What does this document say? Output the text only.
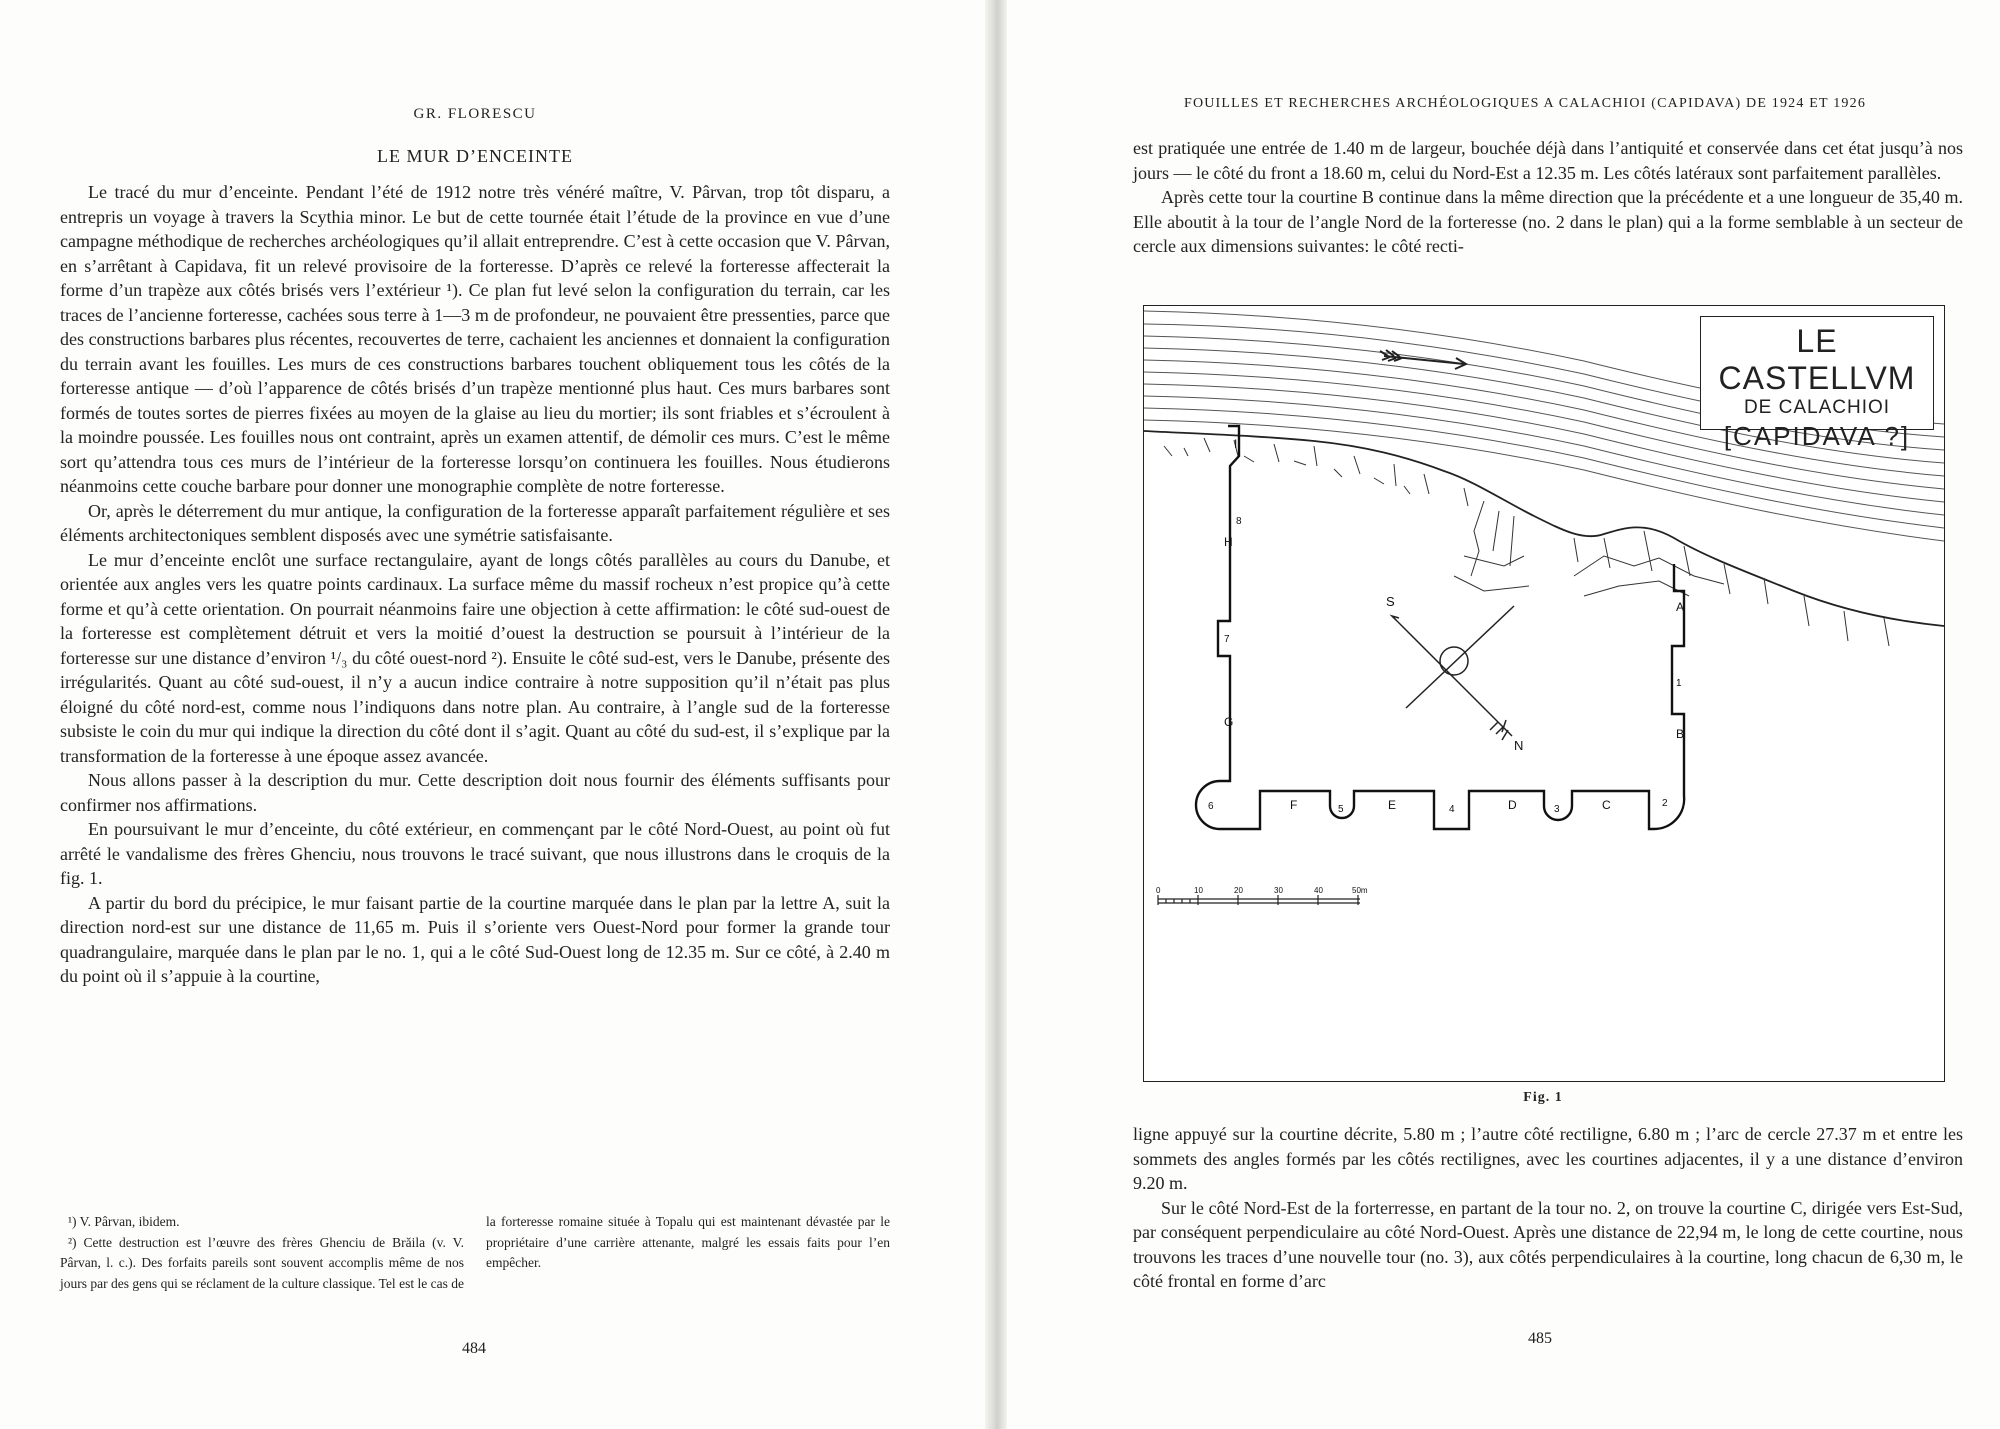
GR. FLORESCU
LE MUR D’ENCEINTE

Le tracé du mur d’enceinte. Pendant l’été de 1912 notre très vénéré maître, V. Pârvan, trop tôt disparu, a entrepris un voyage à travers la Scythia minor. Le but de cette tournée était l’étude de la province en vue d’une campagne méthodique de recherches archéologiques qu’il allait entreprendre. C’est à cette occasion que V. Pârvan, en s’arrêtant à Capidava, fit un relevé provisoire de la forteresse. D’après ce relevé la forteresse affecterait la forme d’un trapèze aux côtés brisés vers l’extérieur ¹). Ce plan fut levé selon la configuration du terrain, car les traces de l’ancienne forteresse, cachées sous terre à 1—3 m de profondeur, ne pouvaient être pressenties, parce que des constructions barbares plus récentes, recouvertes de terre, cachaient les anciennes et donnaient la configuration du terrain avant les fouilles. Les murs de ces constructions barbares touchent obliquement tous les côtés de la forteresse antique — d’où l’apparence de côtés brisés d’un trapèze mentionné plus haut. Ces murs barbares sont formés de toutes sortes de pierres fixées au moyen de la glaise au lieu du mortier; ils sont friables et s’écroulent à la moindre poussée. Les fouilles nous ont contraint, après un examen attentif, de démolir ces murs. C’est le même sort qu’attendra tous ces murs de l’intérieur de la forteresse lorsqu’on continuera les fouilles. Nous étudierons néanmoins cette couche barbare pour donner une monographie complète de notre forteresse.

Or, après le déterrement du mur antique, la configuration de la forteresse apparaît parfaitement régulière et ses éléments architectoniques semblent disposés avec une symétrie satisfaisante.

Le mur d’enceinte enclôt une surface rectangulaire, ayant de longs côtés parallèles au cours du Danube, et orientée aux angles vers les quatre points cardinaux. La surface même du massif rocheux n’est propice qu’à cette forme et qu’à cette orientation. On pourrait néanmoins faire une objection à cette affirmation: le côté sud-ouest de la forteresse est complètement détruit et vers la moitié d’ouest la destruction se poursuit à l’intérieur de la forteresse sur une distance d’environ ¹/₃ du côté ouest-nord ²). Ensuite le côté sud-est, vers le Danube, présente des irrégularités. Quant au côté sud-ouest, il n’y a aucun indice contraire à notre supposition qu’il n’était pas plus éloigné du côté nord-est, comme nous l’indiquons dans notre plan. Au contraire, à l’angle sud de la forteresse subsiste le coin du mur qui indique la direction du côté dont il s’agit. Quant au côté du sud-est, il s’explique par la transformation de la forteresse à une époque assez avancée.

Nous allons passer à la description du mur. Cette description doit nous fournir des éléments suffisants pour confirmer nos affirmations.

En poursuivant le mur d’enceinte, du côté extérieur, en commençant par le côté Nord-Ouest, au point où fut arrêté le vandalisme des frères Ghenciu, nous trouvons le tracé suivant, que nous illustrons dans le croquis de la fig. 1.

A partir du bord du précipice, le mur faisant partie de la courtine marquée dans le plan par la lettre A, suit la direction nord-est sur une distance de 11,65 m. Puis il s’oriente vers Ouest-Nord pour former la grande tour quadrangulaire, marquée dans le plan par le no. 1, qui a le côté Sud-Ouest long de 12.35 m. Sur ce côté, à 2.40 m du point où il s’appuie à la courtine,

¹) V. Pârvan, ibidem.

²) Cette destruction est l’œuvre des frères Ghenciu de Brăila (v. V. Pârvan, l. c.). Des forfaits pareils sont souvent accomplis même de nos jours par des gens qui se réclament de la culture classique. Tel est le cas de la forteresse romaine située à Topalu qui est maintenant dévastée par le propriétaire d’une carrière attenante, malgré les essais faits pour l’en empêcher.

484
FOUILLES ET RECHERCHES ARCHÉOLOGIQUES A CALACHIOI (CAPIDAVA) DE 1924 ET 1926

est pratiquée une entrée de 1.40 m de largeur, bouchée déjà dans l’antiquité et conservée dans cet état jusqu’à nos jours — le côté du front a 18.60 m, celui du Nord-Est a 12.35 m. Les côtés latéraux sont parfaitement parallèles.

Après cette tour la courtine B continue dans la même direction que la précédente et a une longueur de 35,40 m. Elle aboutit à la tour de l’angle Nord de la forteresse (no. 2 dans le plan) qui a la forme semblable à un secteur de cercle aux dimensions suivantes: le côté recti-

I
8
H
7
G
6	F	5	E	4	D	3	C	2
B
1
A
S
N
0	10	20	30	40	50m
LE CASTELLVM
DE CALACHIOI
[CAPIDAVA ?]
Fig. 1

ligne appuyé sur la courtine décrite, 5.80 m ; l’autre côté rectiligne, 6.80 m ; l’arc de cercle 27.37 m et entre les sommets des angles formés par les côtés rectilignes, avec les courtines adjacentes, il y a une distance d’environ 9.20 m.

Sur le côté Nord-Est de la forterresse, en partant de la tour no. 2, on trouve la courtine C, dirigée vers Est-Sud, par conséquent perpendiculaire au côté Nord-Ouest. Après une distance de 22,94 m, le long de cette courtine, nous trouvons les traces d’une nouvelle tour (no. 3), aux côtés perpendiculaires à la courtine, long chacun de 6,30 m, le côté frontal en forme d’arc

485
